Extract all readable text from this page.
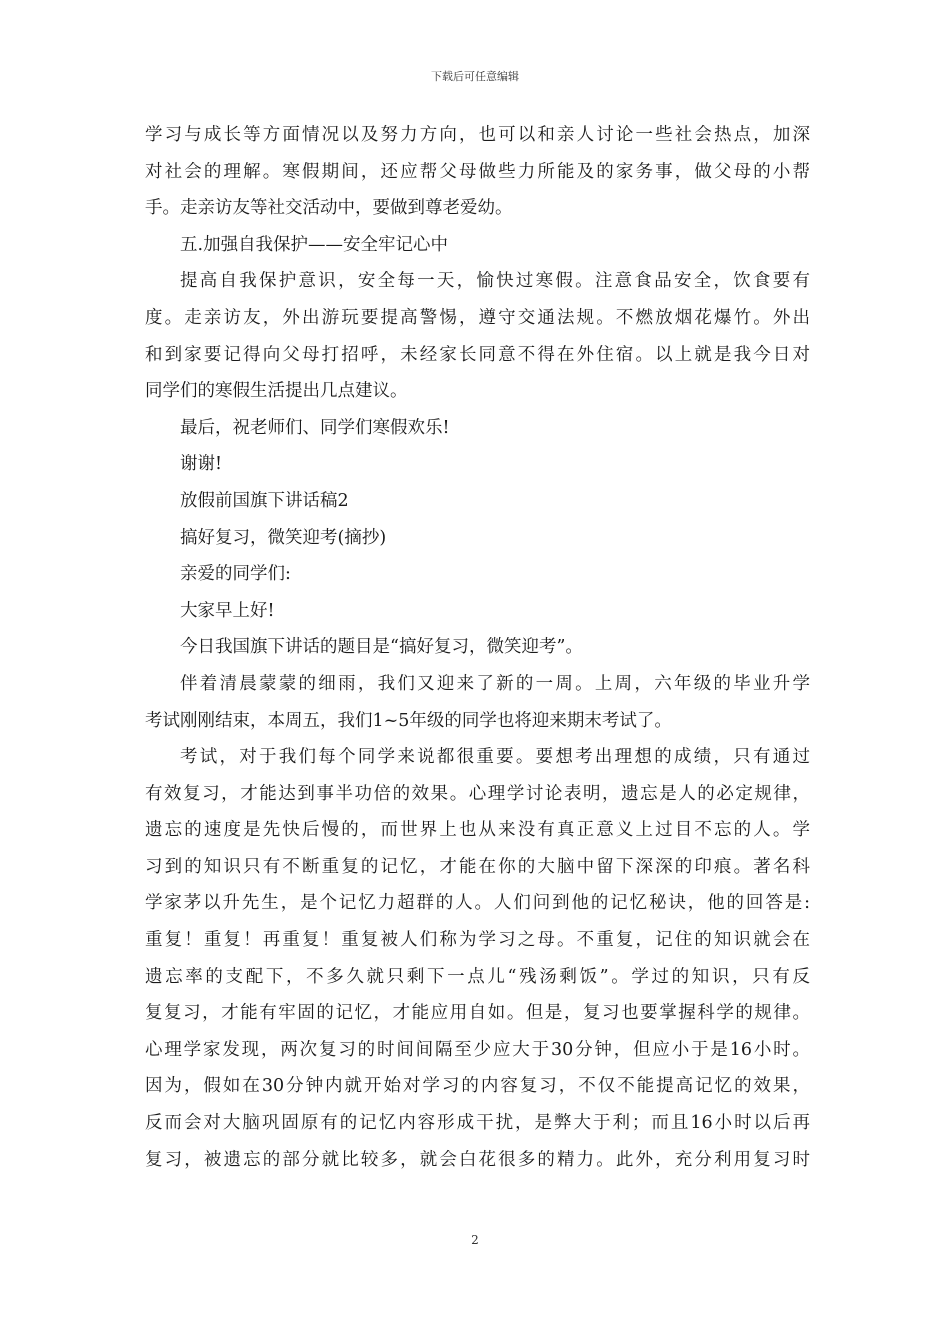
下载后可任意编辑
学习与成长等方面情况以及努力方向，也可以和亲人讨论一些社会热点，加深
对社会的理解。寒假期间，还应帮父母做些力所能及的家务事，做父母的小帮
手。走亲访友等社交活动中，要做到尊老爱幼。
五.加强自我保护——安全牢记心中
提高自我保护意识，安全每一天，愉快过寒假。注意食品安全，饮食要有
度。走亲访友，外出游玩要提高警惕，遵守交通法规。不燃放烟花爆竹。外出
和到家要记得向父母打招呼，未经家长同意不得在外住宿。以上就是我今日对
同学们的寒假生活提出几点建议。
最后，祝老师们、同学们寒假欢乐!
谢谢!
放假前国旗下讲话稿2
搞好复习，微笑迎考(摘抄)
亲爱的同学们:
大家早上好!
今日我国旗下讲话的题目是“搞好复习，微笑迎考”。
伴着清晨蒙蒙的细雨，我们又迎来了新的一周。上周，六年级的毕业升学
考试刚刚结束，本周五，我们1~5年级的同学也将迎来期末考试了。
考试，对于我们每个同学来说都很重要。要想考出理想的成绩，只有通过
有效复习，才能达到事半功倍的效果。心理学讨论表明，遗忘是人的必定规律，
遗忘的速度是先快后慢的，而世界上也从来没有真正意义上过目不忘的人。学
习到的知识只有不断重复的记忆，才能在你的大脑中留下深深的印痕。著名科
学家茅以升先生，是个记忆力超群的人。人们问到他的记忆秘诀，他的回答是:
重复！重复！再重复！重复被人们称为学习之母。不重复，记住的知识就会在
遗忘率的支配下，不多久就只剩下一点儿“残汤剩饭”。学过的知识，只有反
复复习，才能有牢固的记忆，才能应用自如。但是，复习也要掌握科学的规律。
心理学家发现，两次复习的时间间隔至少应大于30分钟，但应小于是16小时。
因为，假如在30分钟内就开始对学习的内容复习，不仅不能提高记忆的效果，
反而会对大脑巩固原有的记忆内容形成干扰，是弊大于利；而且16小时以后再
复习，被遗忘的部分就比较多，就会白花很多的精力。此外，充分利用复习时
2
